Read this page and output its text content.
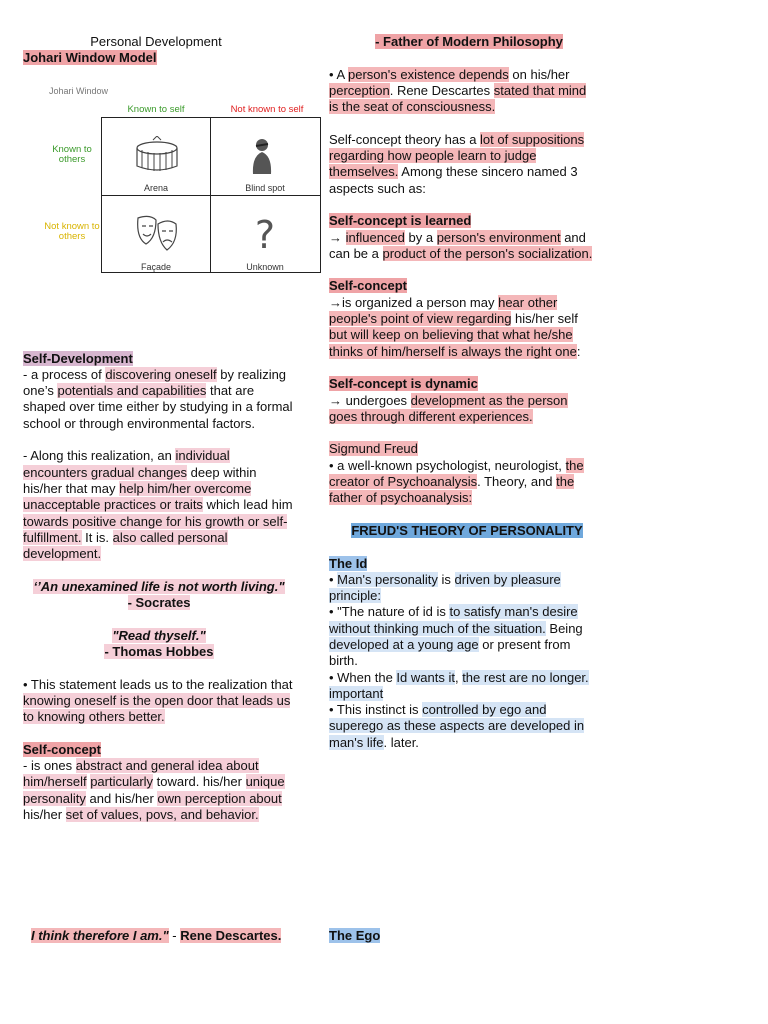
Personal Development

Johari Window Model

Johari Window
Known to self	Not known to self
Known to others
Not known to others
Arena	Blind spot
Façade
?
Unknown

Self-Development

- a process of discovering oneself by realizing one’s potentials and capabilities that are shaped over time either by studying in a formal school or through environmental factors.

- Along this realization, an individual encounters gradual changes deep within his/her that may help him/her overcome unacceptable practices or traits which lead him towards positive change for his growth or self-fulfillment. It is. also called personal development.

‘’An unexamined life is not worth living."

- Socrates

"Read thyself."

- Thomas Hobbes

• This statement leads us to the realization that knowing oneself is the open door that leads us to knowing others better.

Self-concept

- is ones abstract and general idea about him/herself particularly toward. his/her unique personality and his/her own perception about his/her set of values, povs, and behavior.

I think therefore I am." - Rene Descartes.

- Father of Modern Philosophy

• A person's existence depends on his/her perception. Rene Descartes stated that mind is the seat of consciousness.

Self-concept theory has a lot of suppositions regarding how people learn to judge themselves. Among these sincero named 3 aspects such as:

Self-concept is learned

→ influenced by a person's environment and can be a product of the person's socialization.

Self-concept

→is organized a person may hear other people's point of view regarding his/her self but will keep on believing that what he/she thinks of him/herself is always the right one:

Self-concept is dynamic

→ undergoes development as the person goes through different experiences.

Sigmund Freud

• a well-known psychologist, neurologist, the creator of Psychoanalysis. Theory, and the father of psychoanalysis:

FREUD'S THEORY OF PERSONALITY

The Id

• Man's personality is driven by pleasure principle:

• "The nature of id is to satisfy man's desire without thinking much of the situation. Being developed at a young age or present from birth.

• When the Id wants it, the rest are no longer. important

• This instinct is controlled by ego and superego as these aspects are developed in man's life. later.

The Ego
